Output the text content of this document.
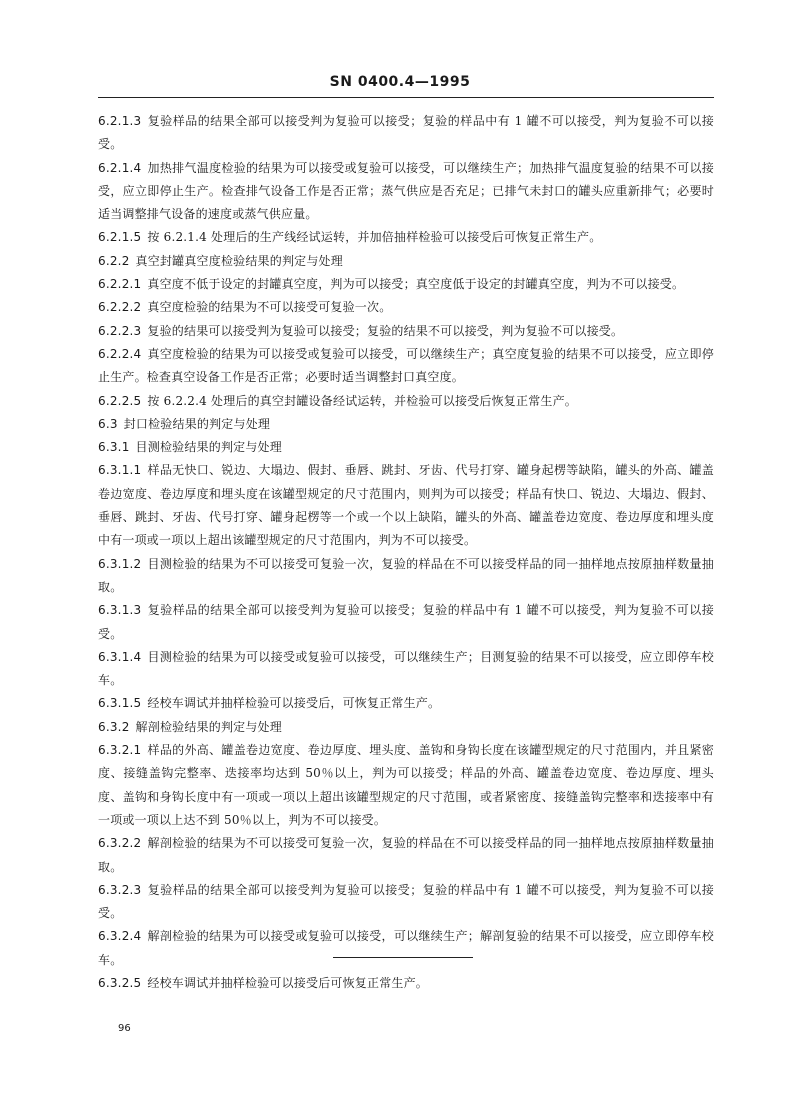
SN 0400.4—1995

6.2.1.3 复验样品的结果全部可以接受判为复验可以接受；复验的样品中有 1 罐不可以接受，判为复验不可以接受。

6.2.1.4 加热排气温度检验的结果为可以接受或复验可以接受，可以继续生产；加热排气温度复验的结果不可以接受，应立即停止生产。检查排气设备工作是否正常；蒸气供应是否充足；已排气未封口的罐头应重新排气；必要时适当调整排气设备的速度或蒸气供应量。

6.2.1.5 按 6.2.1.4 处理后的生产线经试运转，并加倍抽样检验可以接受后可恢复正常生产。

6.2.2 真空封罐真空度检验结果的判定与处理

6.2.2.1 真空度不低于设定的封罐真空度，判为可以接受；真空度低于设定的封罐真空度，判为不可以接受。

6.2.2.2 真空度检验的结果为不可以接受可复验一次。

6.2.2.3 复验的结果可以接受判为复验可以接受；复验的结果不可以接受，判为复验不可以接受。

6.2.2.4 真空度检验的结果为可以接受或复验可以接受，可以继续生产；真空度复验的结果不可以接受，应立即停止生产。检查真空设备工作是否正常；必要时适当调整封口真空度。

6.2.2.5 按 6.2.2.4 处理后的真空封罐设备经试运转，并检验可以接受后恢复正常生产。

6.3 封口检验结果的判定与处理

6.3.1 目测检验结果的判定与处理

6.3.1.1 样品无快口、锐边、大塌边、假封、垂唇、跳封、牙齿、代号打穿、罐身起楞等缺陷，罐头的外高、罐盖卷边宽度、卷边厚度和埋头度在该罐型规定的尺寸范围内，则判为可以接受；样品有快口、锐边、大塌边、假封、垂唇、跳封、牙齿、代号打穿、罐身起楞等一个或一个以上缺陷，罐头的外高、罐盖卷边宽度、卷边厚度和埋头度中有一项或一项以上超出该罐型规定的尺寸范围内，判为不可以接受。

6.3.1.2 目测检验的结果为不可以接受可复验一次，复验的样品在不可以接受样品的同一抽样地点按原抽样数量抽取。

6.3.1.3 复验样品的结果全部可以接受判为复验可以接受；复验的样品中有 1 罐不可以接受，判为复验不可以接受。

6.3.1.4 目测检验的结果为可以接受或复验可以接受，可以继续生产；目测复验的结果不可以接受，应立即停车校车。

6.3.1.5 经校车调试并抽样检验可以接受后，可恢复正常生产。

6.3.2 解剖检验结果的判定与处理

6.3.2.1 样品的外高、罐盖卷边宽度、卷边厚度、埋头度、盖钩和身钩长度在该罐型规定的尺寸范围内，并且紧密度、接缝盖钩完整率、迭接率均达到 50％以上，判为可以接受；样品的外高、罐盖卷边宽度、卷边厚度、埋头度、盖钩和身钩长度中有一项或一项以上超出该罐型规定的尺寸范围，或者紧密度、接缝盖钩完整率和迭接率中有一项或一项以上达不到 50％以上，判为不可以接受。

6.3.2.2 解剖检验的结果为不可以接受可复验一次，复验的样品在不可以接受样品的同一抽样地点按原抽样数量抽取。

6.3.2.3 复验样品的结果全部可以接受判为复验可以接受；复验的样品中有 1 罐不可以接受，判为复验不可以接受。

6.3.2.4 解剖检验的结果为可以接受或复验可以接受，可以继续生产；解剖复验的结果不可以接受，应立即停车校车。

6.3.2.5 经校车调试并抽样检验可以接受后可恢复正常生产。

96
